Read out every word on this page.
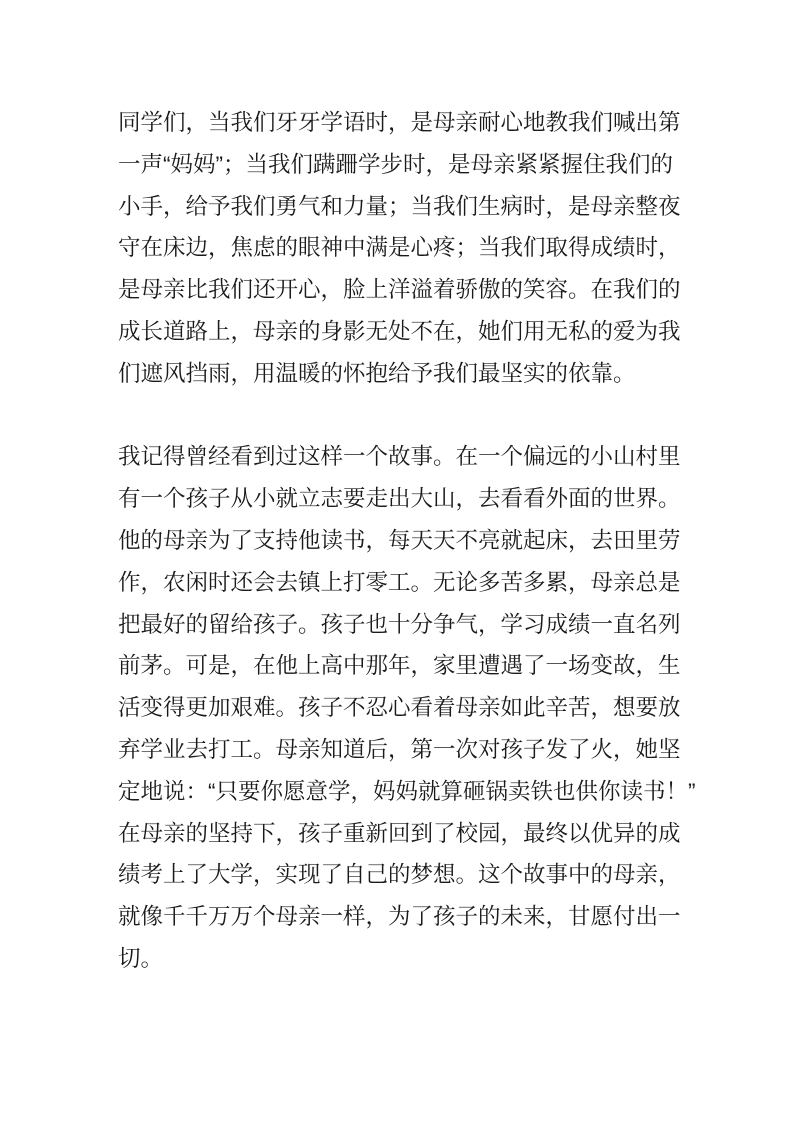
同学们，当我们牙牙学语时，是母亲耐心地教我们喊出第
一声“妈妈”；当我们蹒跚学步时，是母亲紧紧握住我们的
小手，给予我们勇气和力量；当我们生病时，是母亲整夜
守在床边，焦虑的眼神中满是心疼；当我们取得成绩时，
是母亲比我们还开心，脸上洋溢着骄傲的笑容。在我们的
成长道路上，母亲的身影无处不在，她们用无私的爱为我
们遮风挡雨，用温暖的怀抱给予我们最坚实的依靠。
我记得曾经看到过这样一个故事。在一个偏远的小山村里
有一个孩子从小就立志要走出大山，去看看外面的世界。
他的母亲为了支持他读书，每天天不亮就起床，去田里劳
作，农闲时还会去镇上打零工。无论多苦多累，母亲总是
把最好的留给孩子。孩子也十分争气，学习成绩一直名列
前茅。可是，在他上高中那年，家里遭遇了一场变故，生
活变得更加艰难。孩子不忍心看着母亲如此辛苦，想要放
弃学业去打工。母亲知道后，第一次对孩子发了火，她坚
定地说：“只要你愿意学，妈妈就算砸锅卖铁也供你读书！”
在母亲的坚持下，孩子重新回到了校园，最终以优异的成
绩考上了大学，实现了自己的梦想。这个故事中的母亲，
就像千千万万个母亲一样，为了孩子的未来，甘愿付出一
切。
